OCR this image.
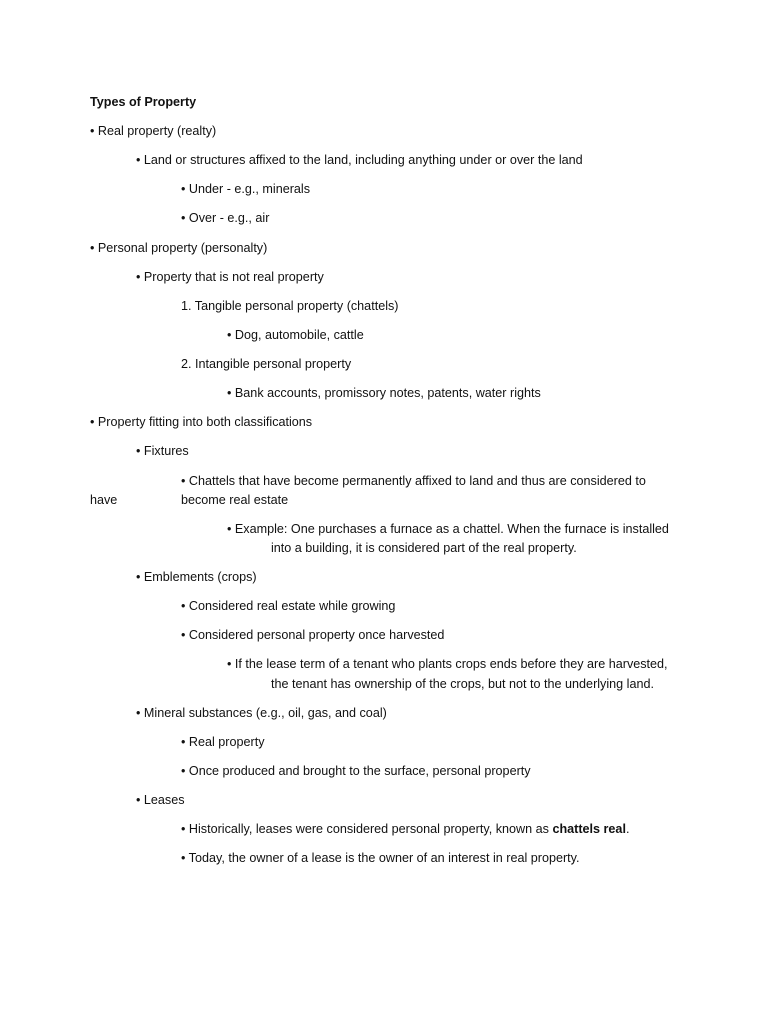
Types of Property
• Real property (realty)
• Land or structures affixed to the land, including anything under or over the land
• Under - e.g., minerals
• Over - e.g., air
• Personal property (personalty)
• Property that is not real property
1. Tangible personal property (chattels)
• Dog, automobile, cattle
2. Intangible personal property
• Bank accounts, promissory notes, patents, water rights
• Property fitting into both classifications
• Fixtures
• Chattels that have become permanently affixed to land and thus are considered to
have	become real estate
• Example: One purchases a furnace as a chattel. When the furnace is installed
into a building, it is considered part of the real property.
• Emblements (crops)
• Considered real estate while growing
• Considered personal property once harvested
• If the lease term of a tenant who plants crops ends before they are harvested,
the tenant has ownership of the crops, but not to the underlying land.
• Mineral substances (e.g., oil, gas, and coal)
• Real property
• Once produced and brought to the surface, personal property
• Leases
• Historically, leases were considered personal property, known as chattels real.
• Today, the owner of a lease is the owner of an interest in real property.
